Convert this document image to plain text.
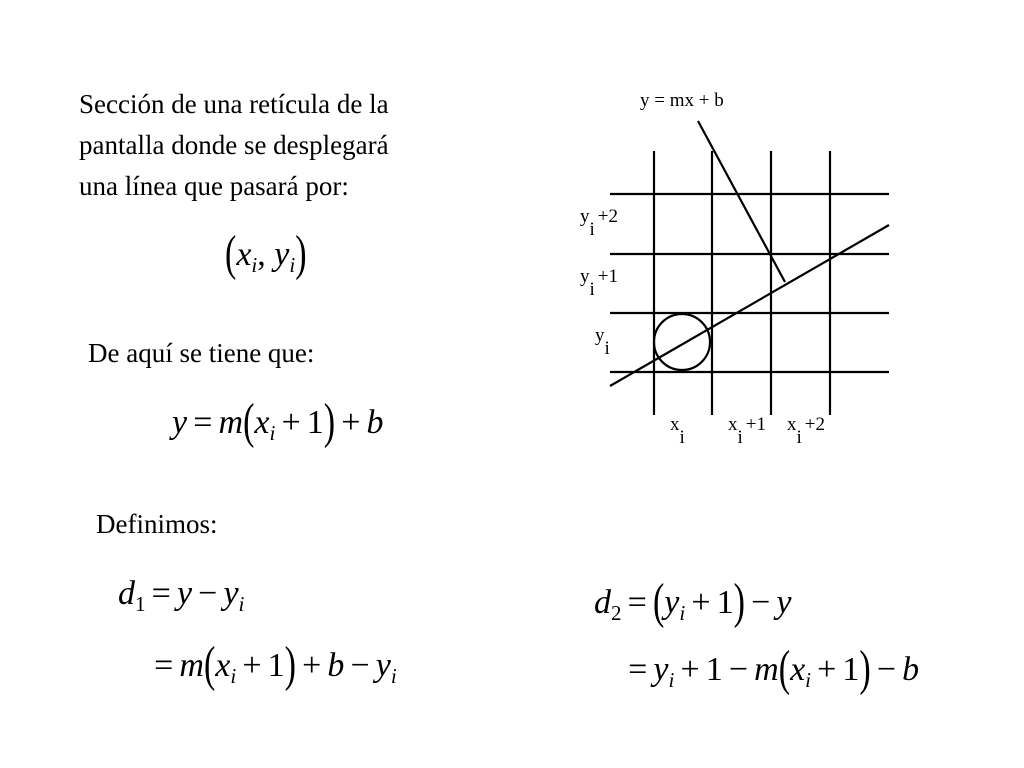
Sección de una retícula de la
pantalla donde se desplegará
una línea que pasará por:
($x_i$, $y_i$)
De aquí se tiene que:
$y = m(x_i + 1) + b$
Definimos:
$d_1 = y - y_i$
= $m(x_i + 1) + b - y_i$
$d_2 = (y_i + 1) - y$
= $y_i + 1 - m(x_i + 1) - b$
y = mx + b
yi+2
yi+1
yi
xi
xi+1 xi+2
